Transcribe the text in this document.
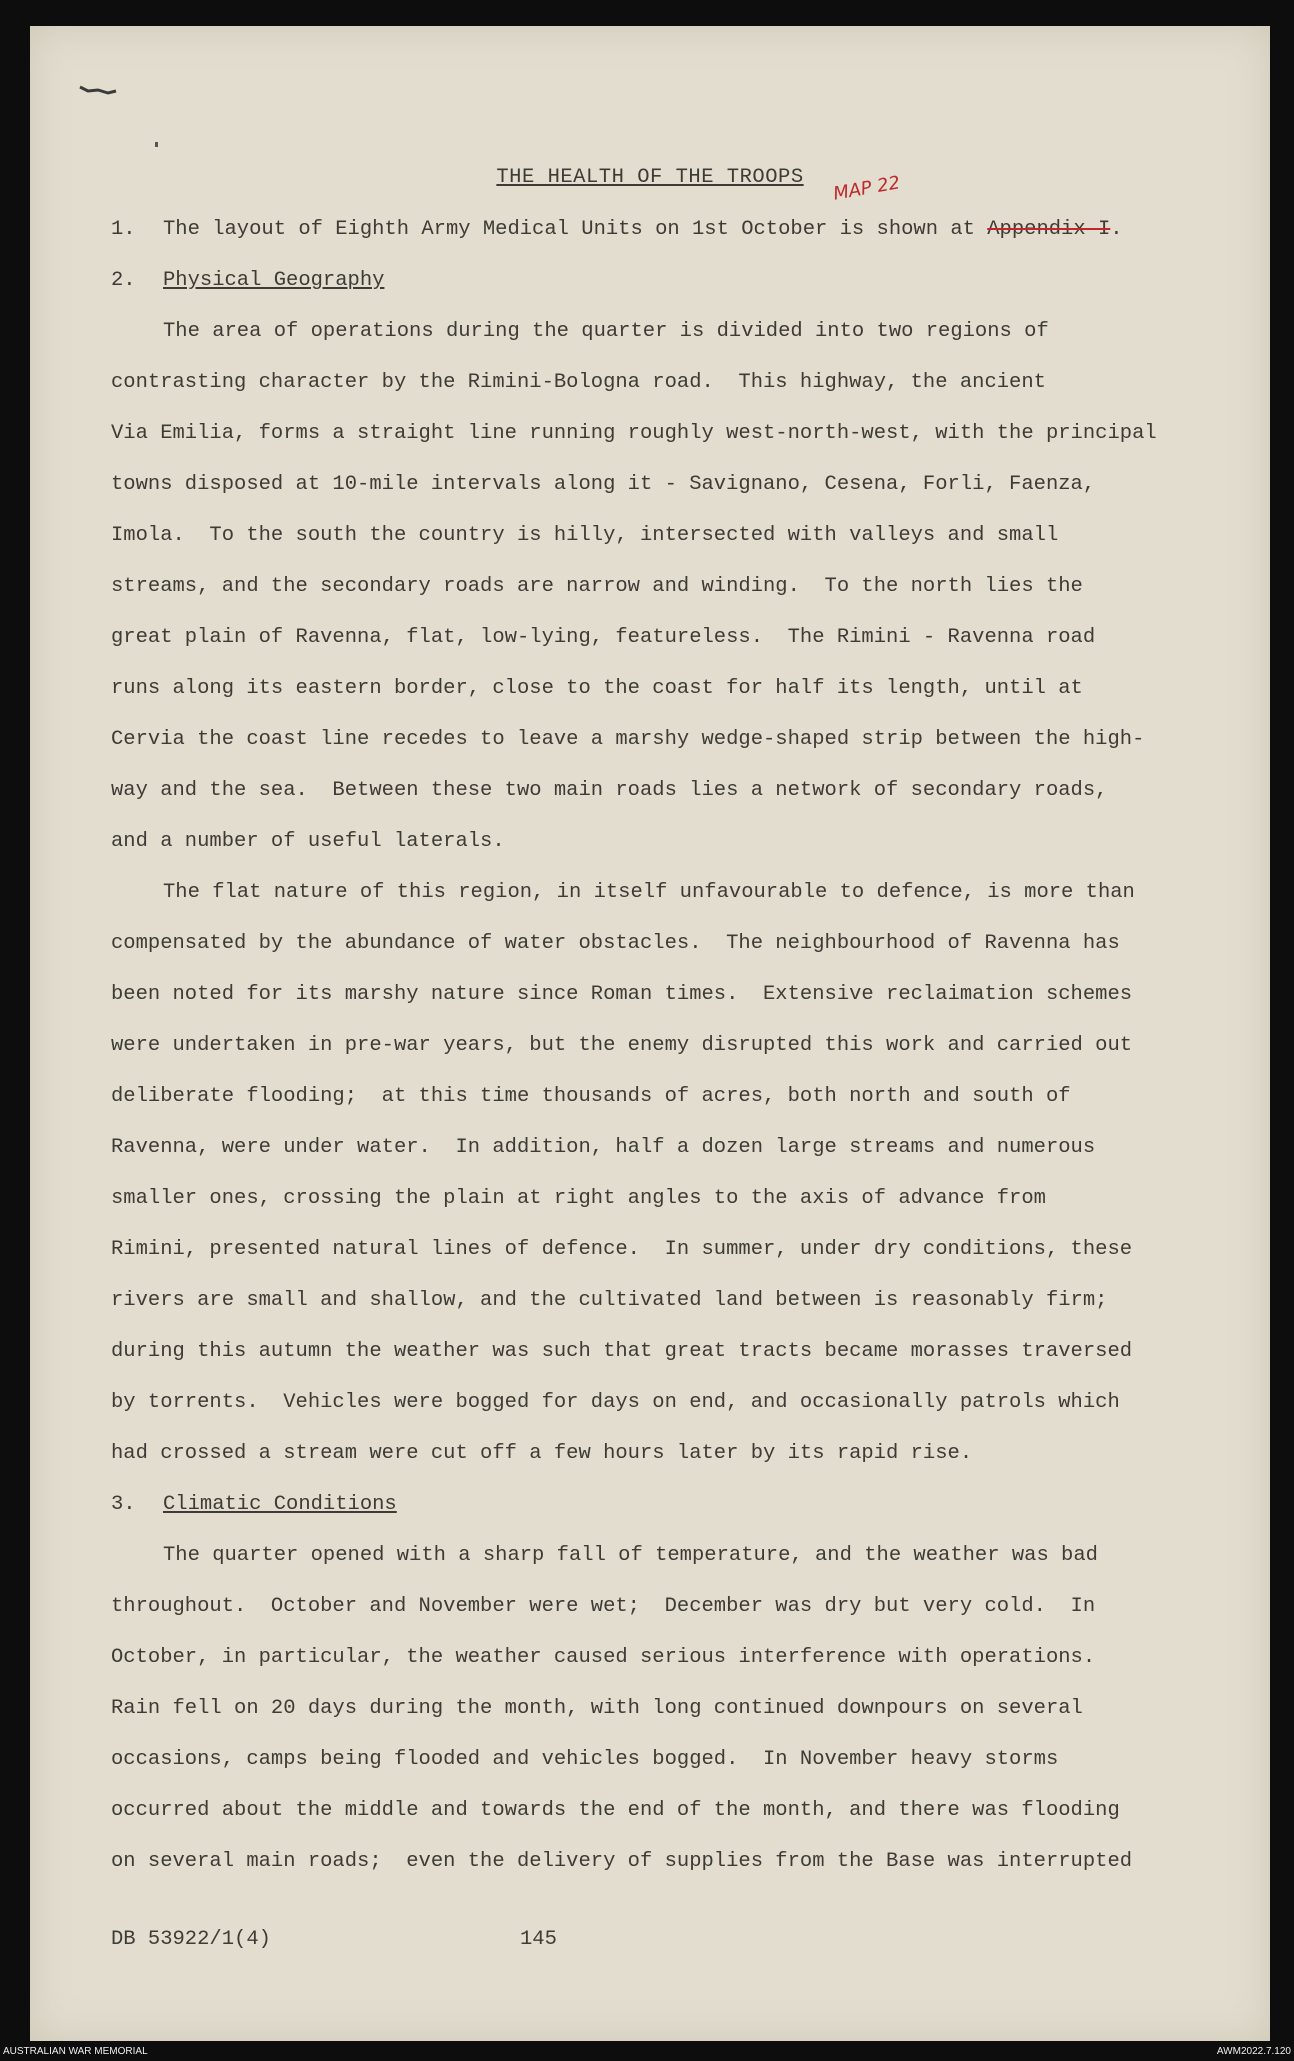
THE HEALTH OF THE TROOPS
1. The layout of Eighth Army Medical Units on 1st October is shown at Appendix I.
MAP 22
2. Physical Geography
The area of operations during the quarter is divided into two regions of
contrasting character by the Rimini-Bologna road.  This highway, the ancient
Via Emilia, forms a straight line running roughly west-north-west, with the principal
towns disposed at 10-mile intervals along it - Savignano, Cesena, Forli, Faenza,
Imola.  To the south the country is hilly, intersected with valleys and small
streams, and the secondary roads are narrow and winding.  To the north lies the
great plain of Ravenna, flat, low-lying, featureless.  The Rimini - Ravenna road
runs along its eastern border, close to the coast for half its length, until at
Cervia the coast line recedes to leave a marshy wedge-shaped strip between the high-
way and the sea.  Between these two main roads lies a network of secondary roads,
and a number of useful laterals.
The flat nature of this region, in itself unfavourable to defence, is more than
compensated by the abundance of water obstacles.  The neighbourhood of Ravenna has
been noted for its marshy nature since Roman times.  Extensive reclaimation schemes
were undertaken in pre-war years, but the enemy disrupted this work and carried out
deliberate flooding;  at this time thousands of acres, both north and south of
Ravenna, were under water.  In addition, half a dozen large streams and numerous
smaller ones, crossing the plain at right angles to the axis of advance from
Rimini, presented natural lines of defence.  In summer, under dry conditions, these
rivers are small and shallow, and the cultivated land between is reasonably firm;
during this autumn the weather was such that great tracts became morasses traversed
by torrents.  Vehicles were bogged for days on end, and occasionally patrols which
had crossed a stream were cut off a few hours later by its rapid rise.
3. Climatic Conditions
The quarter opened with a sharp fall of temperature, and the weather was bad
throughout.  October and November were wet;  December was dry but very cold.  In
October, in particular, the weather caused serious interference with operations.
Rain fell on 20 days during the month, with long continued downpours on several
occasions, camps being flooded and vehicles bogged.  In November heavy storms
occurred about the middle and towards the end of the month, and there was flooding
on several main roads;  even the delivery of supplies from the Base was interrupted
DB 53922/1(4)	145
AUSTRALIAN WAR MEMORIAL	AWM2022.7.120
